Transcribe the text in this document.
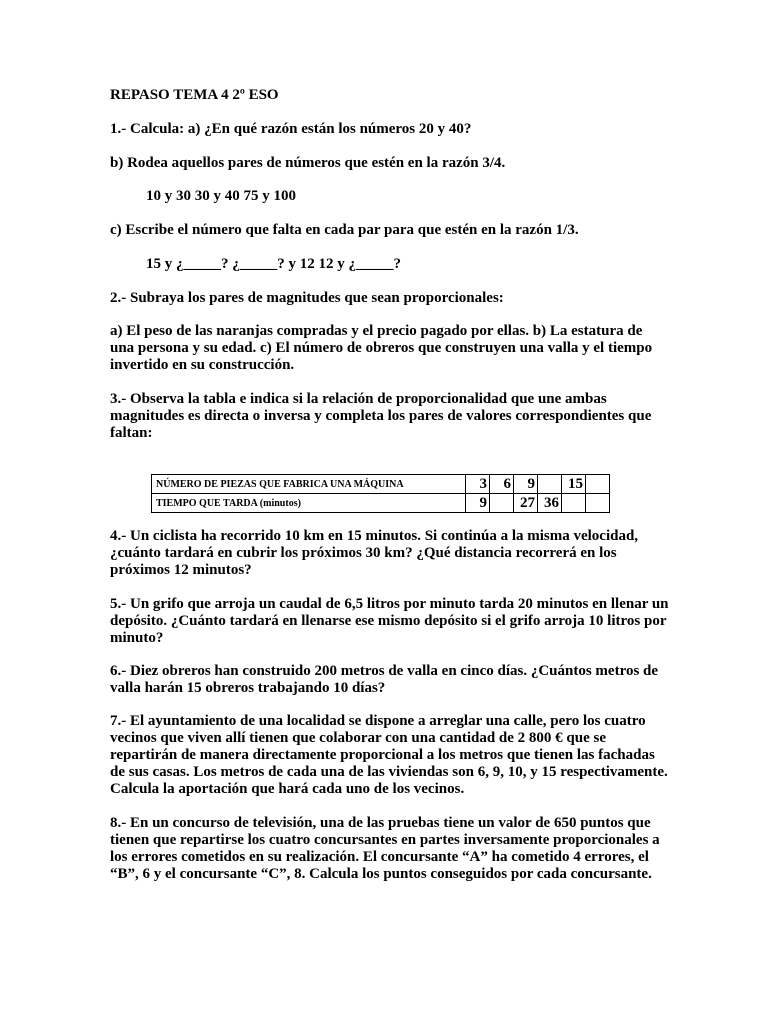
REPASO TEMA 4 2º ESO

1.- Calcula: a) ¿En qué razón están los números 20 y 40?

b) Rodea aquellos pares de números que estén en la razón 3/4.

10 y 30 30 y 40 75 y 100

c) Escribe el número que falta en cada par para que estén en la razón 1/3.

15 y ¿_____? ¿_____? y 12 12 y ¿_____?

2.- Subraya los pares de magnitudes que sean proporcionales:

a) El peso de las naranjas compradas y el precio pagado por ellas. b) La estatura de una persona y su edad. c) El número de obreros que construyen una valla y el tiempo invertido en su construcción.

3.- Observa la tabla e indica si la relación de proporcionalidad que une ambas magnitudes es directa o inversa y completa los pares de valores correspondientes que faltan:

NÚMERO DE PIEZAS QUE FABRICA UNA MÁQUINA	3	6	9		15	
TIEMPO QUE TARDA (minutos)	9		27	36		

4.- Un ciclista ha recorrido 10 km en 15 minutos. Si continúa a la misma velocidad, ¿cuánto tardará en cubrir los próximos 30 km? ¿Qué distancia recorrerá en los próximos 12 minutos?

5.- Un grifo que arroja un caudal de 6,5 litros por minuto tarda 20 minutos en llenar un depósito. ¿Cuánto tardará en llenarse ese mismo depósito si el grifo arroja 10 litros por minuto?

6.- Diez obreros han construido 200 metros de valla en cinco días. ¿Cuántos metros de valla harán 15 obreros trabajando 10 días?

7.- El ayuntamiento de una localidad se dispone a arreglar una calle, pero los cuatro vecinos que viven allí tienen que colaborar con una cantidad de 2 800 € que se repartirán de manera directamente proporcional a los metros que tienen las fachadas de sus casas. Los metros de cada una de las viviendas son 6, 9, 10, y 15 respectivamente. Calcula la aportación que hará cada uno de los vecinos.

8.- En un concurso de televisión, una de las pruebas tiene un valor de 650 puntos que tienen que repartirse los cuatro concursantes en partes inversamente proporcionales a los errores cometidos en su realización. El concursante “A” ha cometido 4 errores, el “B”, 6 y el concursante “C”, 8. Calcula los puntos conseguidos por cada concursante.
